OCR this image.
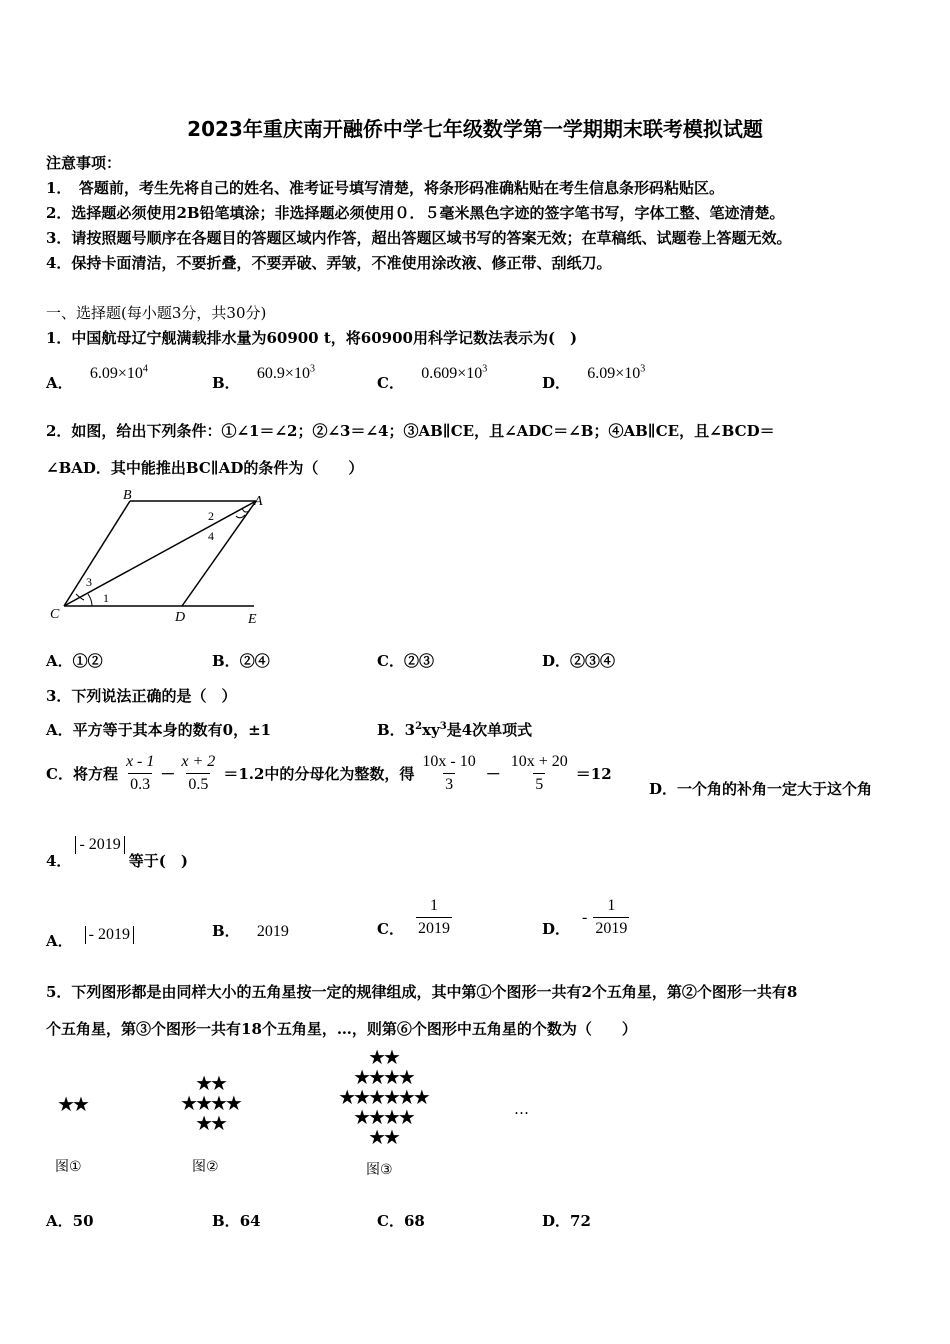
2023年重庆南开融侨中学七年级数学第一学期期末联考模拟试题
注意事项：
1．　答题前，考生先将自己的姓名、准考证号填写清楚，将条形码准确粘贴在考生信息条形码粘贴区。
2．选择题必须使用2B铅笔填涂；非选择题必须使用０．５毫米黑色字迹的签字笔书写，字体工整、笔迹清楚。
3．请按照题号顺序在各题目的答题区域内作答，超出答题区域书写的答案无效；在草稿纸、试题卷上答题无效。
4．保持卡面清洁，不要折叠，不要弄破、弄皱，不准使用涂改液、修正带、刮纸刀。
一、选择题(每小题3分，共30分)
1．中国航母辽宁舰满载排水量为60900 t，将60900用科学记数法表示为(　)
A． $6.09\times 10^4$
B． $60.9\times 10^3$
C． $0.609\times 10^3$
D． $6.09\times 10^3$
2．如图，给出下列条件：①∠1＝∠2；②∠3＝∠4；③AB∥CE，且∠ADC＝∠B；④AB∥CE，且∠BCD＝
∠BAD．其中能推出BC∥AD的条件为（　　）
B	A
C	D	E
2
4
3
1
A．①②	B．②④	C．②③	D．②③④
3．下列说法正确的是（　）
A．平方等于其本身的数有0，±1	B．$3^2xy^3$是4次单项式
C．将方程 $\frac{x - 1}{0.3} - \frac{x + 2}{0.5} =1.2$中的分母化为整数，得 $\frac{10x - 10}{3} - \frac{10x + 20}{5} =12$
D．一个角的补角一定大于这个角
4．
- 2019
等于(　)
A． - 2019	B． 2019	C． $\frac{1}{2019}$	D．
- $\frac{1}{2019}$
5．下列图形都是由同样大小的五角星按一定的规律组成，其中第①个图形一共有2个五角星，第②个图形一共有8
个五角星，第③个图形一共有18个五角星，…，则第⑥个图形中五角星的个数为（　　）
★★
图①
★★
★★★★
★★
图②
★★
★★★★
★★★★★★
★★★★
★★
图③
…
A．50	B．64	C．68	D．72
